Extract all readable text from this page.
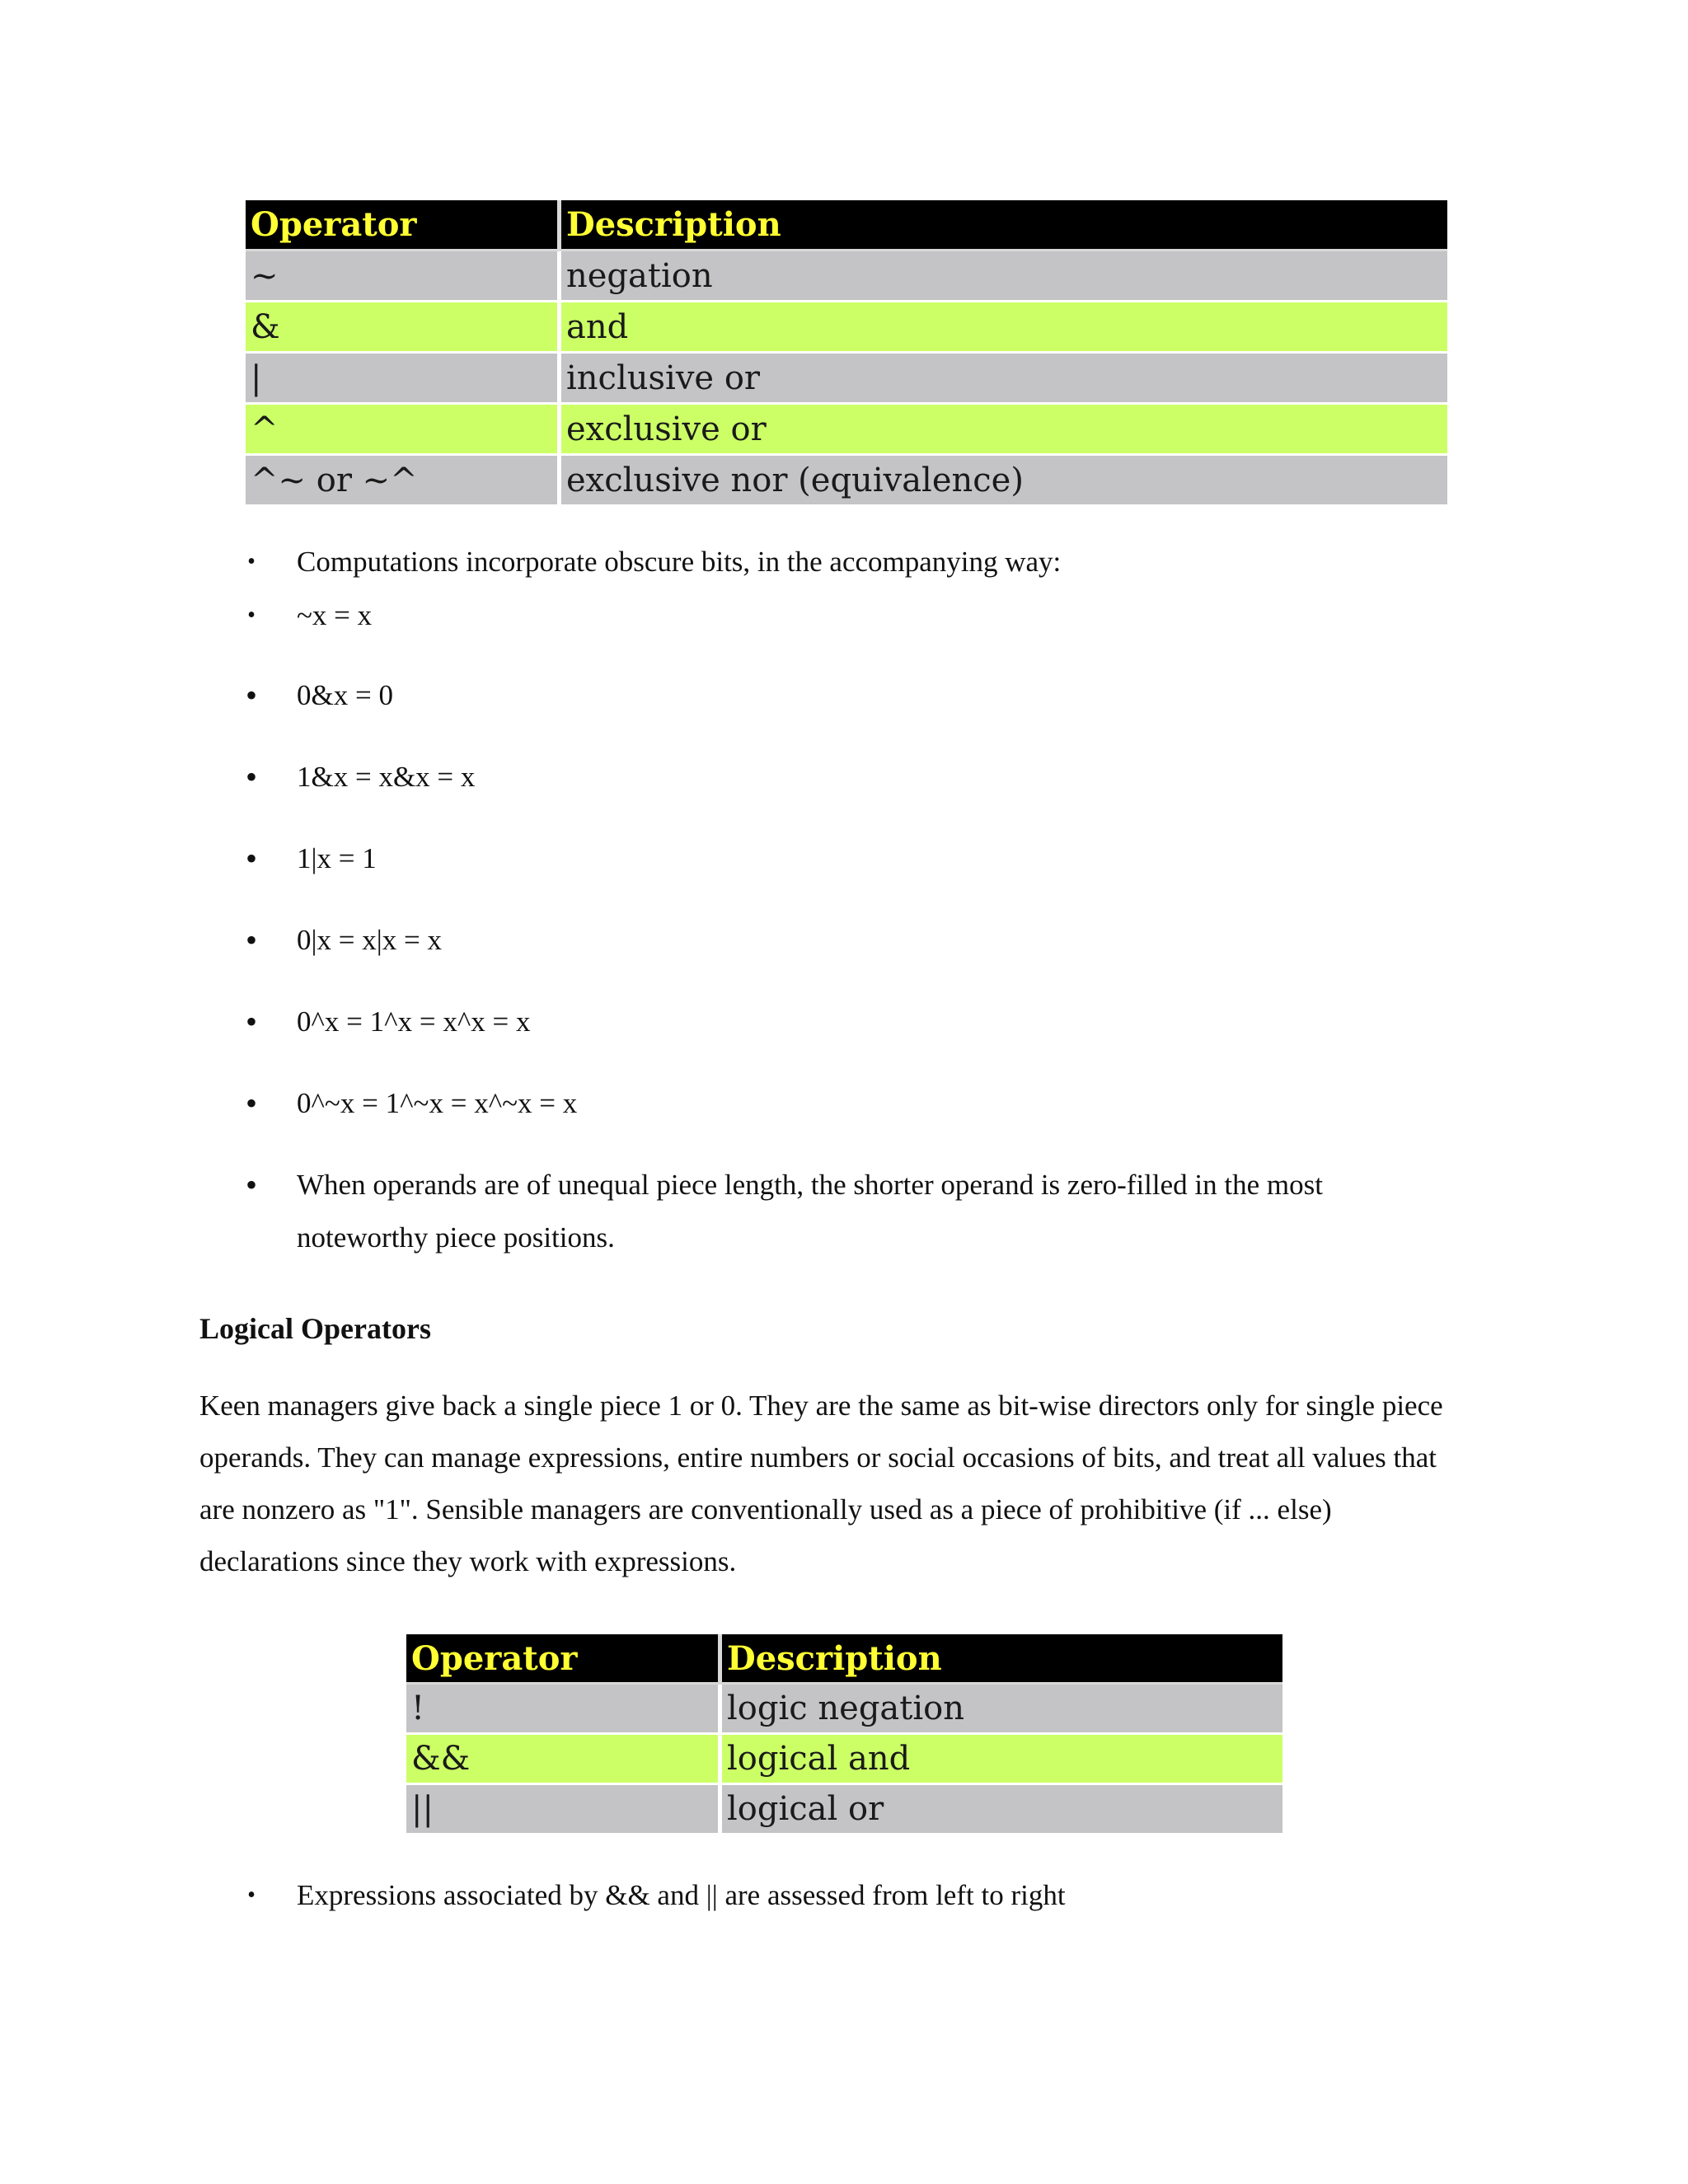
Operator	Description
~	negation
&	and
|	inclusive or
^	exclusive or
^~ or ~^	exclusive nor (equivalence)
• Computations incorporate obscure bits, in the accompanying way:
• ~x = x
• 0&x = 0
• 1&x = x&x = x
• 1|x = 1
• 0|x = x|x = x
• 0^x = 1^x = x^x = x
• 0^~x = 1^~x = x^~x = x
• When operands are of unequal piece length, the shorter operand is zero-filled in the most noteworthy piece positions.
Logical Operators
Keen managers give back a single piece 1 or 0. They are the same as bit-wise directors only for single piece operands. They can manage expressions, entire numbers or social occasions of bits, and treat all values that are nonzero as "1". Sensible managers are conventionally used as a piece of prohibitive (if ... else) declarations since they work with expressions.
Operator	Description
!	logic negation
&&	logical and
||	logical or
• Expressions associated by && and || are assessed from left to right
